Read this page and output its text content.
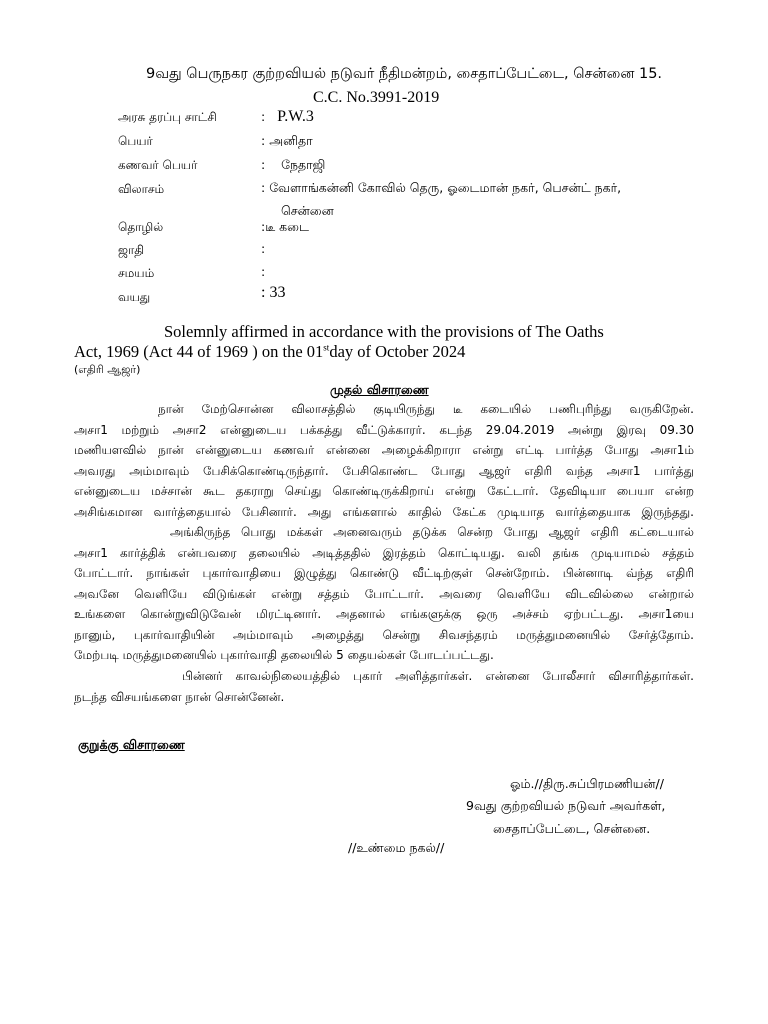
9வது பெருநகர குற்றவியல் நடுவர் நீதிமன்றம், சைதாப்பேட்டை, சென்னை 15.
C.C. No.3991-2019
அரசு தரப்பு சாட்சி	:   P.W.3
பெயர்	: அனிதா
கணவர் பெயர்	:    நேதாஜி
விலாசம்	: வேளாங்கன்னி கோவில் தெரு, ஓடைமான் நகர், பெசன்ட் நகர்,
சென்னை
தொழில்	:டீ கடை
ஜாதி	:
சமயம்	:
வயது	: 33
Solemnly affirmed in accordance with the provisions of The Oaths
Act, 1969 (Act 44 of 1969 ) on the 01stday of October 2024
(எதிரி ஆஜர்)
முதல் விசாரணை
நான் மேற்சொன்ன விலாசத்தில் குடியிருந்து டீ கடையில் பணிபுரிந்து வருகிறேன்.
அசா1 மற்றும் அசா2 என்னுடைய பக்கத்து வீட்டுக்காரர். கடந்த 29.04.2019 அன்று இரவு 09.30
மணியளவில் நான் என்னுடைய கணவர் என்னை அழைக்கிறாரா என்று எட்டி பார்த்த போது அசா1ம்
அவரது அம்மாவும் பேசிக்கொண்டிருந்தார். பேசிகொண்ட போது ஆஜர் எதிரி வந்த அசா1 பார்த்து
என்னுடைய மச்சான் கூட தகராறு செய்து கொண்டிருக்கிறாய் என்று கேட்டார். தேவிடியா பையா என்ற
அசிங்கமான வார்த்தையால் பேசினார். அது எங்களால் காதில் கேட்க முடியாத வார்த்தையாக இருந்தது.
அங்கிருந்த பொது மக்கள் அனைவரும் தடுக்க சென்ற போது ஆஜர் எதிரி கட்டையால்
அசா1 கார்த்திக் என்பவரை தலையில் அடித்ததில் இரத்தம் கொட்டியது. வலி தங்க முடியாமல் சத்தம்
போட்டார். நாங்கள் புகார்வாதியை இழுத்து கொண்டு வீட்டிற்குள் சென்றோம். பின்னாடி வ்ந்த எதிரி
அவனே வெளியே விடுங்கள் என்று சத்தம் போட்டார். அவரை வெளியே விடவில்லை என்றால்
உங்களை கொன்றுவிடுவேன் மிரட்டினார். அதனால் எங்களுக்கு ஒரு அச்சம் ஏற்பட்டது. அசா1யை
நானும், புகார்வாதியின் அம்மாவும் அழைத்து சென்று சிவசந்தரம் மருத்துமனையில் சேர்த்தோம்.
மேற்படி மருத்துமனையில் புகார்வாதி தலையில் 5 தையல்கள் போடப்பட்டது.
பின்னர் காவல்நிலையத்தில் புகார் அளித்தார்கள். என்னை போலீசார் விசாரித்தார்கள்.
நடந்த விசயங்களை நான் சொன்னேன்.
குறுக்கு விசாரணை
ஓம்.//திரு.சுப்பிரமணியன்//
9வது குற்றவியல் நடுவர் அவர்கள்,
சைதாப்பேட்டை, சென்னை.
//உண்மை நகல்//
